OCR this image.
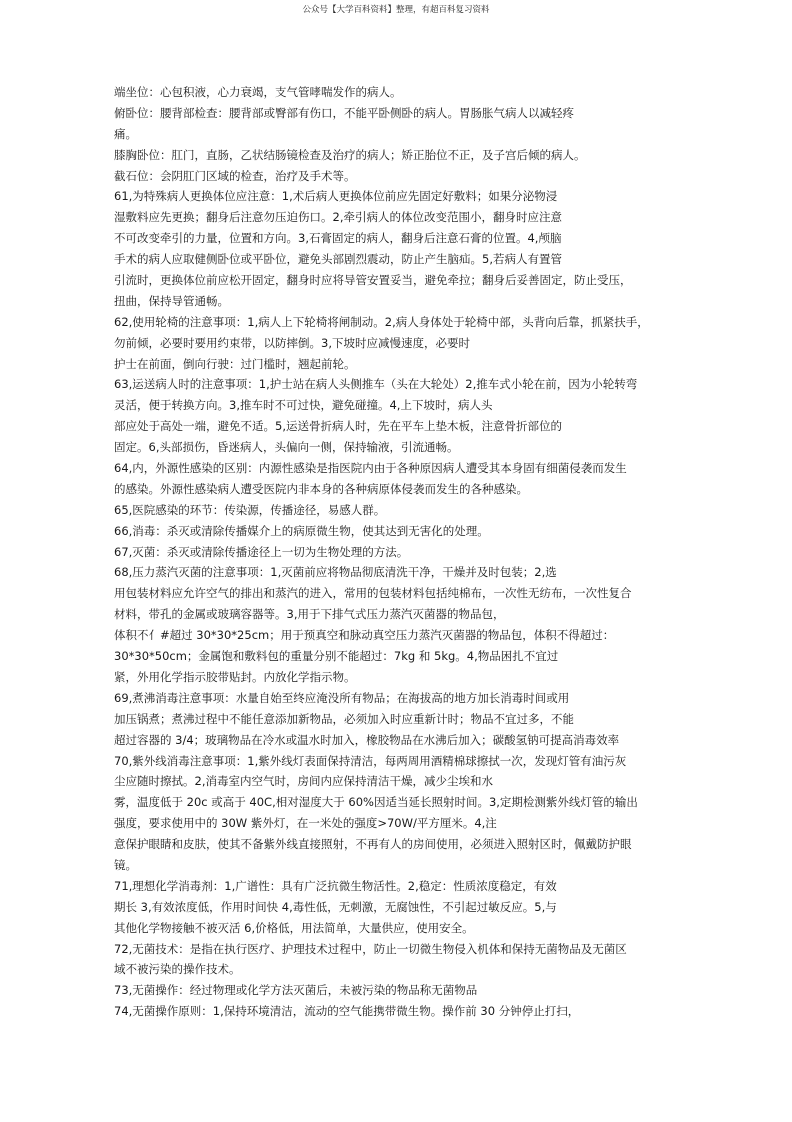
公众号【大学百科资料】整理，有超百科复习资料
端坐位：心包积液，心力衰竭，支气管哮喘发作的病人。
俯卧位：腰背部检查：腰背部或臀部有伤口，不能平卧侧卧的病人。胃肠胀气病人以减轻疼
痛。
膝胸卧位：肛门，直肠，乙状结肠镜检查及治疗的病人；矫正胎位不正，及子宫后倾的病人。
截石位：会阴肛门区域的检查，治疗及手术等。
61,为特殊病人更换体位应注意：1,术后病人更换体位前应先固定好敷料；如果分泌物浸
湿敷料应先更换；翻身后注意勿压迫伤口。2,牵引病人的体位改变范围小，翻身时应注意
不可改变牵引的力量，位置和方向。3,石膏固定的病人，翻身后注意石膏的位置。4,颅脑
手术的病人应取健侧卧位或平卧位，避免头部剧烈震动，防止产生脑疝。5,若病人有置管
引流时，更换体位前应松开固定，翻身时应将导管安置妥当，避免牵拉；翻身后妥善固定，防止受压，
扭曲，保持导管通畅。
62,使用轮椅的注意事项：1,病人上下轮椅将闸制动。2,病人身体处于轮椅中部，头背向后靠，抓紧扶手，
勿前倾，必要时要用约束带，以防摔倒。3,下坡时应减慢速度，必要时
护士在前面，倒向行驶：过门槛时，翘起前轮。
63,运送病人时的注意事项：1,护士站在病人头侧推车（头在大轮处）2,推车式小轮在前，因为小轮转弯
灵活，便于转换方向。3,推车时不可过快，避免碰撞。4,上下坡时，病人头
部应处于高处一端，避免不适。5,运送骨折病人时，先在平车上垫木板，注意骨折部位的
固定。6,头部损伤，昏迷病人，头偏向一侧，保持输液，引流通畅。
64,内，外源性感染的区别：内源性感染是指医院内由于各种原因病人遭受其本身固有细菌侵袭而发生
的感染。外源性感染病人遭受医院内非本身的各种病原体侵袭而发生的各种感染。
65,医院感染的环节：传染源，传播途径，易感人群。
66,消毒：杀灭或清除传播媒介上的病原微生物，使其达到无害化的处理。
67,灭菌：杀灭或清除传播途径上一切为生物处理的方法。
68,压力蒸汽灭菌的注意事项：1,灭菌前应将物品彻底清洗干净，干燥并及时包装；2,选
用包装材料应允许空气的排出和蒸汽的进入，常用的包装材料包括纯棉布，一次性无纺布，一次性复合
材料，带孔的金属或玻璃容器等。3,用于下排气式压力蒸汽灭菌器的物品包，
体积不亻#超过 30*30*25cm；用于预真空和脉动真空压力蒸汽灭菌器的物品包，体积不得超过：
30*30*50cm；金属饱和敷料包的重量分别不能超过：7kg 和 5kg。4,物品困扎不宜过
紧，外用化学指示胶带贴封。内放化学指示物。
69,煮沸消毒注意事项：水量自始至终应淹没所有物品；在海拔高的地方加长消毒时间或用
加压锅煮；煮沸过程中不能任意添加新物品，必须加入时应重新计时；物品不宜过多，不能
超过容器的 3/4；玻璃物品在冷水或温水时加入，橡胶物品在水沸后加入；碳酸氢钠可提高消毒效率
70,紫外线消毒注意事项：1,紫外线灯表面保持清洁，每两周用酒精棉球擦拭一次，发现灯管有油污灰
尘应随时擦拭。2,消毒室内空气时，房间内应保持清洁干燥，减少尘埃和水
雾，温度低于 20c 或高于 40C,相对湿度大于 60%因适当延长照射时间。3,定期检测紫外线灯管的输出
强度，要求使用中的 30W 紫外灯，在一米处的强度>70W/平方厘米。4,注
意保护眼睛和皮肤，使其不备紫外线直接照射，不再有人的房间使用，必须进入照射区时，佩戴防护眼
镜。
71,理想化学消毒剂：1,广谱性：具有广泛抗微生物活性。2,稳定：性质浓度稳定，有效
期长 3,有效浓度低，作用时间快 4,毒性低，无刺激，无腐蚀性，不引起过敏反应。5,与
其他化学物接触不被灭活 6,价格低，用法简单，大量供应，使用安全。
72,无菌技术：是指在执行医疗、护理技术过程中，防止一切微生物侵入机体和保持无菌物品及无菌区
域不被污染的操作技术。
73,无菌操作：经过物理或化学方法灭菌后，未被污染的物品称无菌物品
74,无菌操作原则：1,保持环境清洁，流动的空气能携带微生物。操作前 30 分钟停止打扫，
